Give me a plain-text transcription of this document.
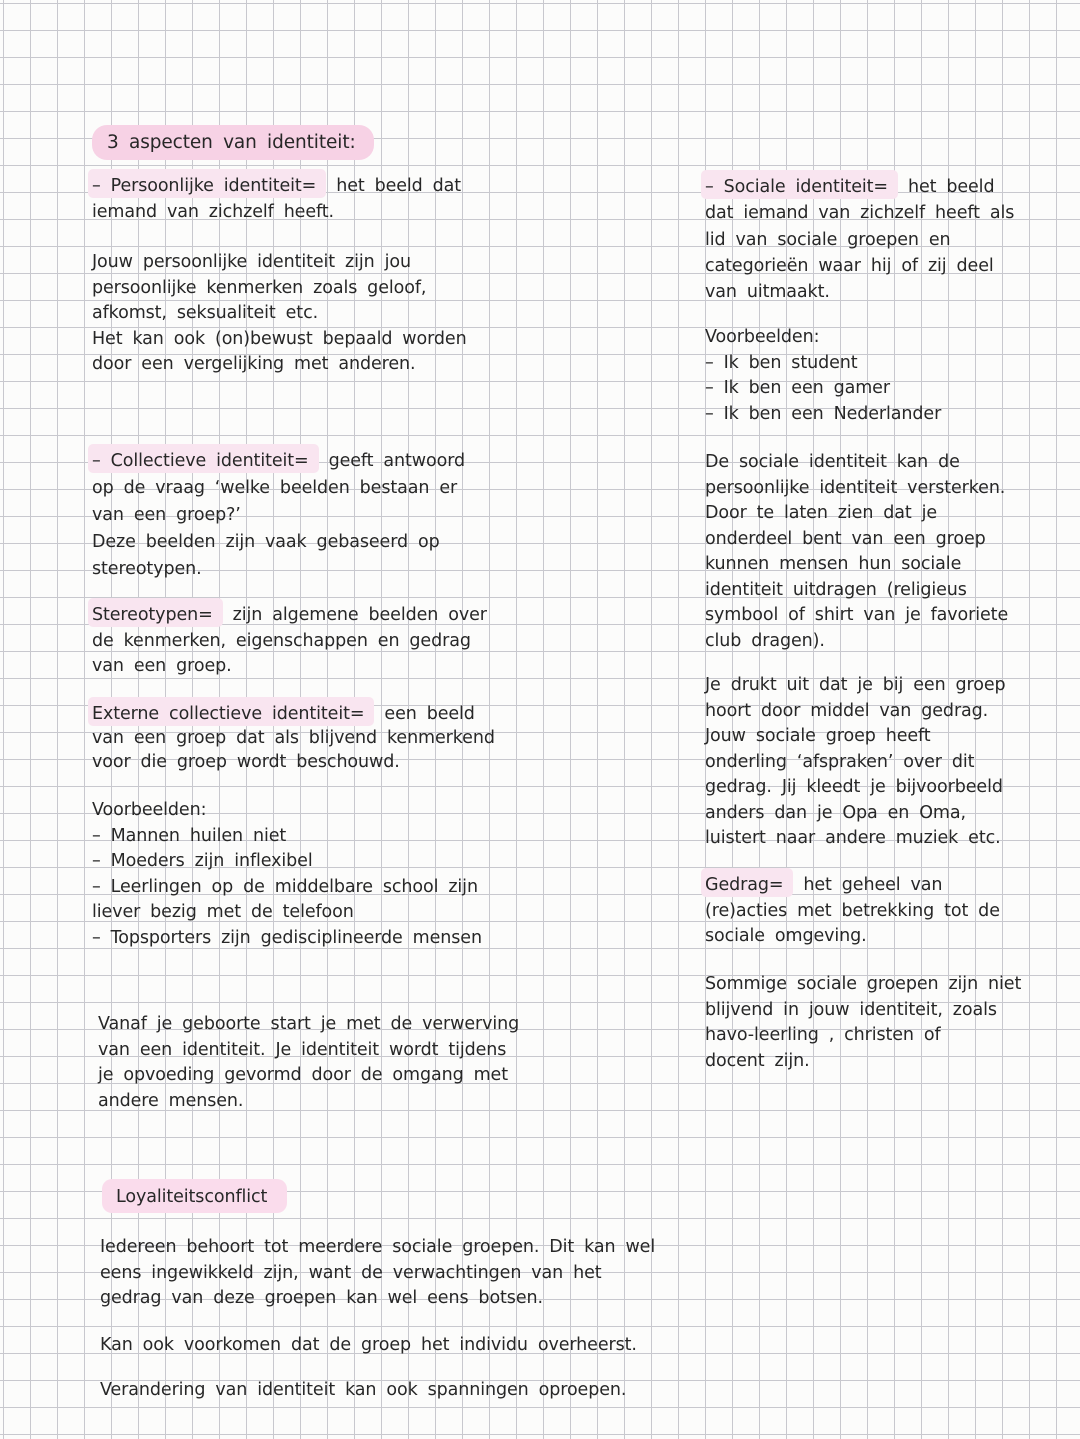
3 aspecten van identiteit:
– Persoonlijke identiteit= het beeld dat
iemand van zichzelf heeft.
Jouw persoonlijke identiteit zijn jou
persoonlijke kenmerken zoals geloof,
afkomst, seksualiteit etc.
Het kan ook (on)bewust bepaald worden
door een vergelijking met anderen.
– Collectieve identiteit= geeft antwoord
op de vraag ‘welke beelden bestaan er
van een groep?’
Deze beelden zijn vaak gebaseerd op
stereotypen.
Stereotypen= zijn algemene beelden over
de kenmerken, eigenschappen en gedrag
van een groep.
Externe collectieve identiteit= een beeld
van een groep dat als blijvend kenmerkend
voor die groep wordt beschouwd.
Voorbeelden:
– Mannen huilen niet
– Moeders zijn inflexibel
– Leerlingen op de middelbare school zijn
liever bezig met de telefoon
– Topsporters zijn gedisciplineerde mensen
Vanaf je geboorte start je met de verwerving
van een identiteit. Je identiteit wordt tijdens
je opvoeding gevormd door de omgang met
andere mensen.
Loyaliteitsconflict
Iedereen behoort tot meerdere sociale groepen. Dit kan wel
eens ingewikkeld zijn, want de verwachtingen van het
gedrag van deze groepen kan wel eens botsen.
Kan ook voorkomen dat de groep het individu overheerst.
Verandering van identiteit kan ook spanningen oproepen.
– Sociale identiteit= het beeld
dat iemand van zichzelf heeft als
lid van sociale groepen en
categorieën waar hij of zij deel
van uitmaakt.
Voorbeelden:
– Ik ben student
– Ik ben een gamer
– Ik ben een Nederlander
De sociale identiteit kan de
persoonlijke identiteit versterken.
Door te laten zien dat je
onderdeel bent van een groep
kunnen mensen hun sociale
identiteit uitdragen (religieus
symbool of shirt van je favoriete
club dragen).
Je drukt uit dat je bij een groep
hoort door middel van gedrag.
Jouw sociale groep heeft
onderling ‘afspraken’ over dit
gedrag. Jij kleedt je bijvoorbeeld
anders dan je Opa en Oma,
luistert naar andere muziek etc.
Gedrag= het geheel van
(re)acties met betrekking tot de
sociale omgeving.
Sommige sociale groepen zijn niet
blijvend in jouw identiteit, zoals
havo-leerling , christen of
docent zijn.
